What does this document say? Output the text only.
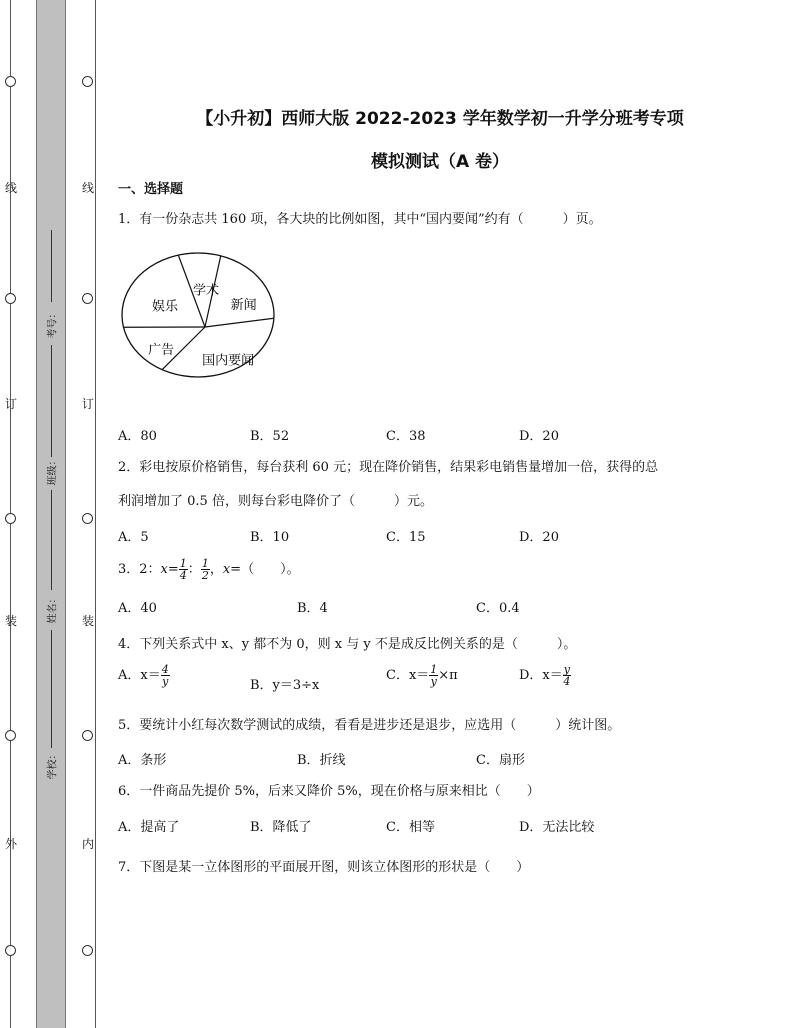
线
订
装
外
线
订
装
内
考号：
班级：
姓名：
学校：
【小升初】西师大版 2022-2023 学年数学初一升学分班考专项
模拟测试（A 卷）
一、选择题
1．有一份杂志共 160 项，各大块的比例如图，其中“国内要闻”约有（　　　）页。
学术
新闻
国内要闻
广告
娱乐
A．80	B．52	C．38	D．20
2．彩电按原价格销售，每台获利 60 元；现在降价销售，结果彩电销售量增加一倍，获得的总
利润增加了 0.5 倍，则每台彩电降价了（　　　）元。
A．5	B．10	C．15	D．20
3．2：$x= \frac{1}{4}$ ： $\frac{1}{2}$ ，x=（　　）。
A．40	B．4	C．0.4
4．下列关系式中 x、y 都不为 0，则 x 与 y 不是成反比例关系的是（　　　）。
A．$x= \frac{4}{y}$	B．y＝3÷x
C．$x= \frac{1}{y} \times\pi$	D．$x= \frac{y}{4}$
5．要统计小红每次数学测试的成绩，看看是进步还是退步，应选用（　　　）统计图。
A．条形	B．折线	C．扇形
6．一件商品先提价 5%，后来又降价 5%，现在价格与原来相比（　　）
A．提高了	B．降低了	C．相等	D．无法比较
7．下图是某一立体图形的平面展开图，则该立体图形的形状是（　　）
